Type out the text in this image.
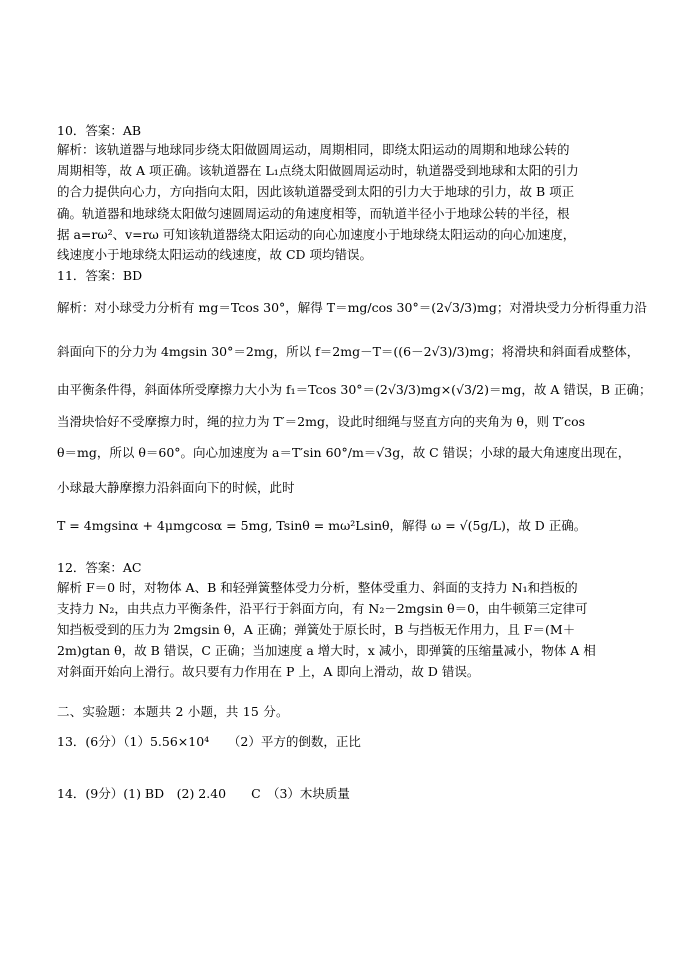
10．答案：AB
解析：该轨道器与地球同步绕太阳做圆周运动，周期相同，即绕太阳运动的周期和地球公转的
周期相等，故 A 项正确。该轨道器在 L₁点绕太阳做圆周运动时，轨道器受到地球和太阳的引力
的合力提供向心力，方向指向太阳，因此该轨道器受到太阳的引力大于地球的引力，故 B 项正
确。轨道器和地球绕太阳做匀速圆周运动的角速度相等，而轨道半径小于地球公转的半径，根
据 a=rω²、v=rω 可知该轨道器绕太阳运动的向心加速度小于地球绕太阳运动的向心加速度，
线速度小于地球绕太阳运动的线速度，故 CD 项均错误。
11．答案：BD
解析：对小球受力分析有 mg＝Tcos 30°，解得 T＝mg/cos 30°＝(2√3/3)mg；对滑块受力分析得重力沿
斜面向下的分力为 4mgsin 30°＝2mg，所以 f＝2mg－T＝((6－2√3)/3)mg；将滑块和斜面看成整体，
由平衡条件得，斜面体所受摩擦力大小为 f₁＝Tcos 30°＝(2√3/3)mg×(√3/2)＝mg，故 A 错误，B 正确；
当滑块恰好不受摩擦力时，绳的拉力为 T′＝2mg，设此时细绳与竖直方向的夹角为 θ，则 T′cos
θ＝mg，所以 θ＝60°。向心加速度为 a＝T′sin 60°/m＝√3g，故 C 错误；小球的最大角速度出现在，
小球最大静摩擦力沿斜面向下的时候，此时
T = 4mgsinα + 4μmgcosα = 5mg, Tsinθ = mω²Lsinθ，解得 ω = √(5g/L)，故 D 正确。
12．答案：AC
解析 F＝0 时，对物体 A、B 和轻弹簧整体受力分析，整体受重力、斜面的支持力 N₁和挡板的
支持力 N₂，由共点力平衡条件，沿平行于斜面方向，有 N₂－2mgsin θ＝0，由牛顿第三定律可
知挡板受到的压力为 2mgsin θ，A 正确；弹簧处于原长时，B 与挡板无作用力，且 F＝(M＋
2m)gtan θ，故 B 错误，C 正确；当加速度 a 增大时，x 减小，即弹簧的压缩量减小，物体 A 相
对斜面开始向上滑行。故只要有力作用在 P 上，A 即向上滑动，故 D 错误。
二、实验题：本题共 2 小题，共 15 分。
13．(6分）（1）5.56×10⁴　　（2）平方的倒数，正比
14．(9分）(1) BD　(2) 2.40　　C　（3）木块质量
